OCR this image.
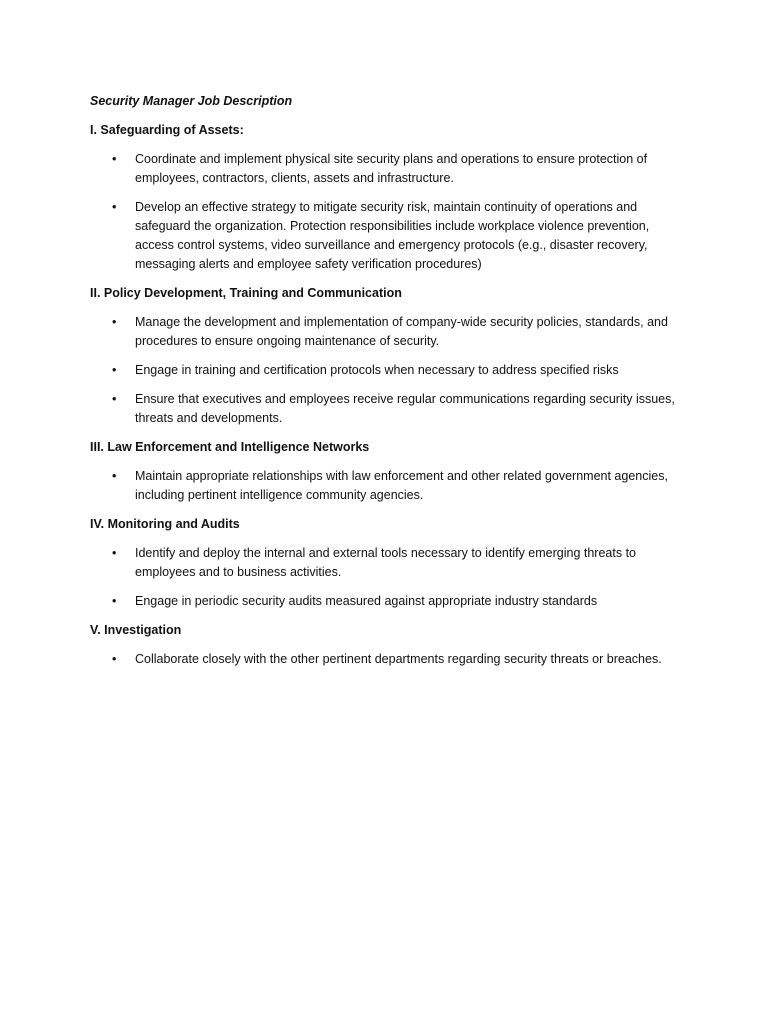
Security Manager Job Description
I. Safeguarding of Assets:
• Coordinate and implement physical site security plans and operations to ensure protection of employees, contractors, clients, assets and infrastructure.
• Develop an effective strategy to mitigate security risk, maintain continuity of operations and safeguard the organization. Protection responsibilities include workplace violence prevention, access control systems, video surveillance and emergency protocols (e.g., disaster recovery, messaging alerts and employee safety verification procedures)
II. Policy Development, Training and Communication
• Manage the development and implementation of company-wide security policies, standards, and procedures to ensure ongoing maintenance of security.
• Engage in training and certification protocols when necessary to address specified risks
• Ensure that executives and employees receive regular communications regarding security issues, threats and developments.
III. Law Enforcement and Intelligence Networks
• Maintain appropriate relationships with law enforcement and other related government agencies, including pertinent intelligence community agencies.
IV. Monitoring and Audits
• Identify and deploy the internal and external tools necessary to identify emerging threats to employees and to business activities.
• Engage in periodic security audits measured against appropriate industry standards
V. Investigation
• Collaborate closely with the other pertinent departments regarding security threats or breaches.
